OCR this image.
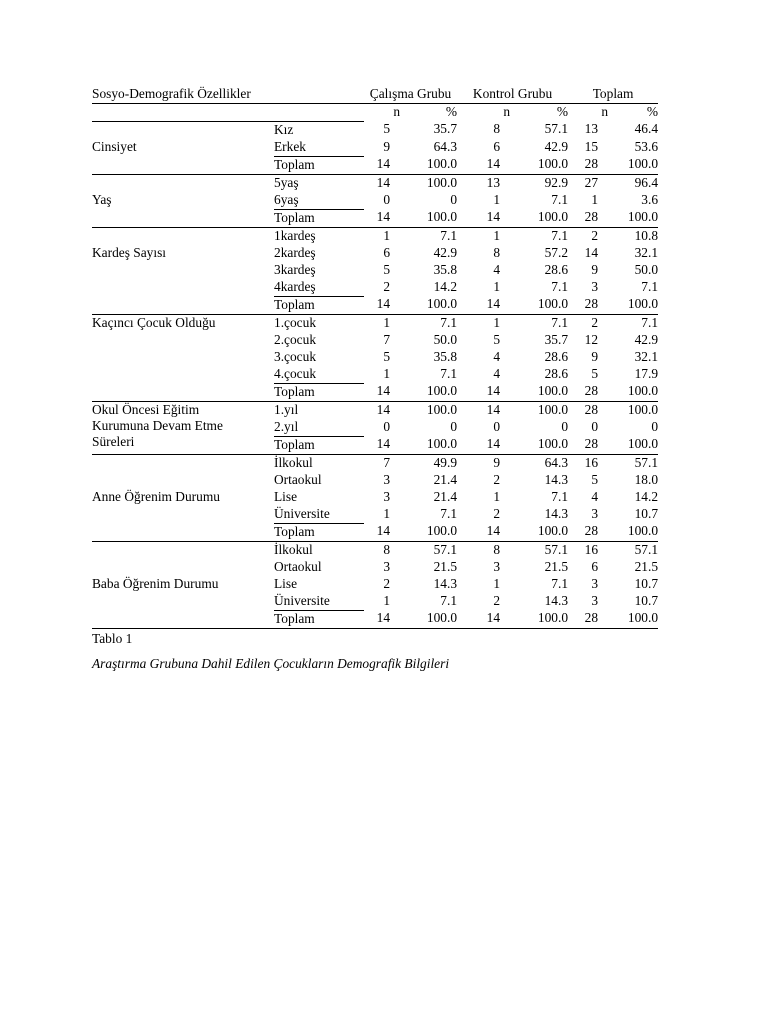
Sosyo-Demografik Özellikler		Çalışma Grubu		Kontrol Grubu		Toplam	
		n	%	n	%	n	%
	Kız	5	35.7	8	57.1	13	46.4
Cinsiyet	Erkek	9	64.3	6	42.9	15	53.6
	Toplam	14	100.0	14	100.0	28	100.0
	5yaş	14	100.0	13	92.9	27	96.4
Yaş	6yaş	0	0	1	7.1	1	3.6
	Toplam	14	100.0	14	100.0	28	100.0
	1kardeş	1	7.1	1	7.1	2	10.8
Kardeş Sayısı	2kardeş	6	42.9	8	57.2	14	32.1
	3kardeş	5	35.8	4	28.6	9	50.0
	4kardeş	2	14.2	1	7.1	3	7.1
	Toplam	14	100.0	14	100.0	28	100.0
Kaçıncı Çocuk Olduğu	1.çocuk	1	7.1	1	7.1	2	7.1
	2.çocuk	7	50.0	5	35.7	12	42.9
	3.çocuk	5	35.8	4	28.6	9	32.1
	4.çocuk	1	7.1	4	28.6	5	17.9
	Toplam	14	100.0	14	100.0	28	100.0
Okul Öncesi Eğitim Kurumuna Devam Etme Süreleri	1.yıl	14	100.0	14	100.0	28	100.0
	2.yıl	0	0	0	0	0	0
	Toplam	14	100.0	14	100.0	28	100.0
	İlkokul	7	49.9	9	64.3	16	57.1
	Ortaokul	3	21.4	2	14.3	5	18.0
Anne Öğrenim Durumu	Lise	3	21.4	1	7.1	4	14.2
	Üniversite	1	7.1	2	14.3	3	10.7
	Toplam	14	100.0	14	100.0	28	100.0
	İlkokul	8	57.1	8	57.1	16	57.1
	Ortaokul	3	21.5	3	21.5	6	21.5
Baba Öğrenim Durumu	Lise	2	14.3	1	7.1	3	10.7
	Üniversite	1	7.1	2	14.3	3	10.7
	Toplam	14	100.0	14	100.0	28	100.0
Tablo 1
Araştırma Grubuna Dahil Edilen Çocukların Demografik Bilgileri
